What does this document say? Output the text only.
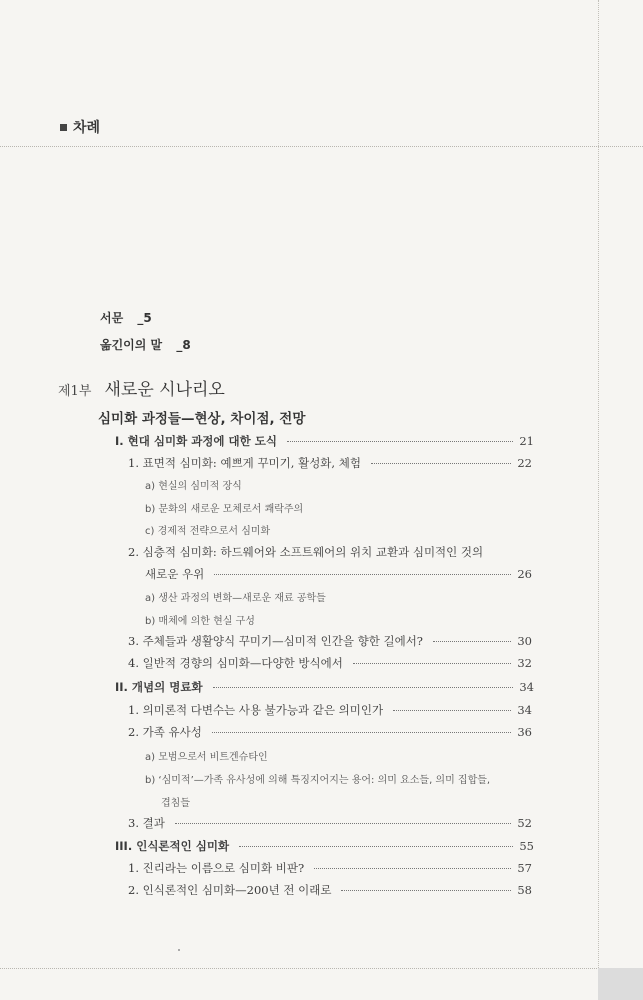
차례
서문 _5
옮긴이의 말 _8
제1부 새로운 시나리오
심미화 과정들—현상, 차이점, 전망
I. 현대 심미화 과정에 대한 도식	21
1. 표면적 심미화: 예쁘게 꾸미기, 활성화, 체험	22
a) 현실의 심미적 장식
b) 문화의 새로운 모체로서 쾌락주의
c) 경제적 전략으로서 심미화
2. 심층적 심미화: 하드웨어와 소프트웨어의 위치 교환과 심미적인 것의
새로운 우위	26
a) 생산 과정의 변화—새로운 재료 공학들
b) 매체에 의한 현실 구성
3. 주체들과 생활양식 꾸미기—심미적 인간을 향한 길에서?	30
4. 일반적 경향의 심미화—다양한 방식에서	32
II. 개념의 명료화	34
1. 의미론적 다변수는 사용 불가능과 같은 의미인가	34
2. 가족 유사성	36
a) 모범으로서 비트겐슈타인
b) ‘심미적’—가족 유사성에 의해 특징지어지는 용어: 의미 요소들, 의미 집합들,
겹침들
3. 결과	52
III. 인식론적인 심미화	55
1. 진리라는 이름으로 심미화 비판?	57
2. 인식론적인 심미화—200년 전 이래로	58
